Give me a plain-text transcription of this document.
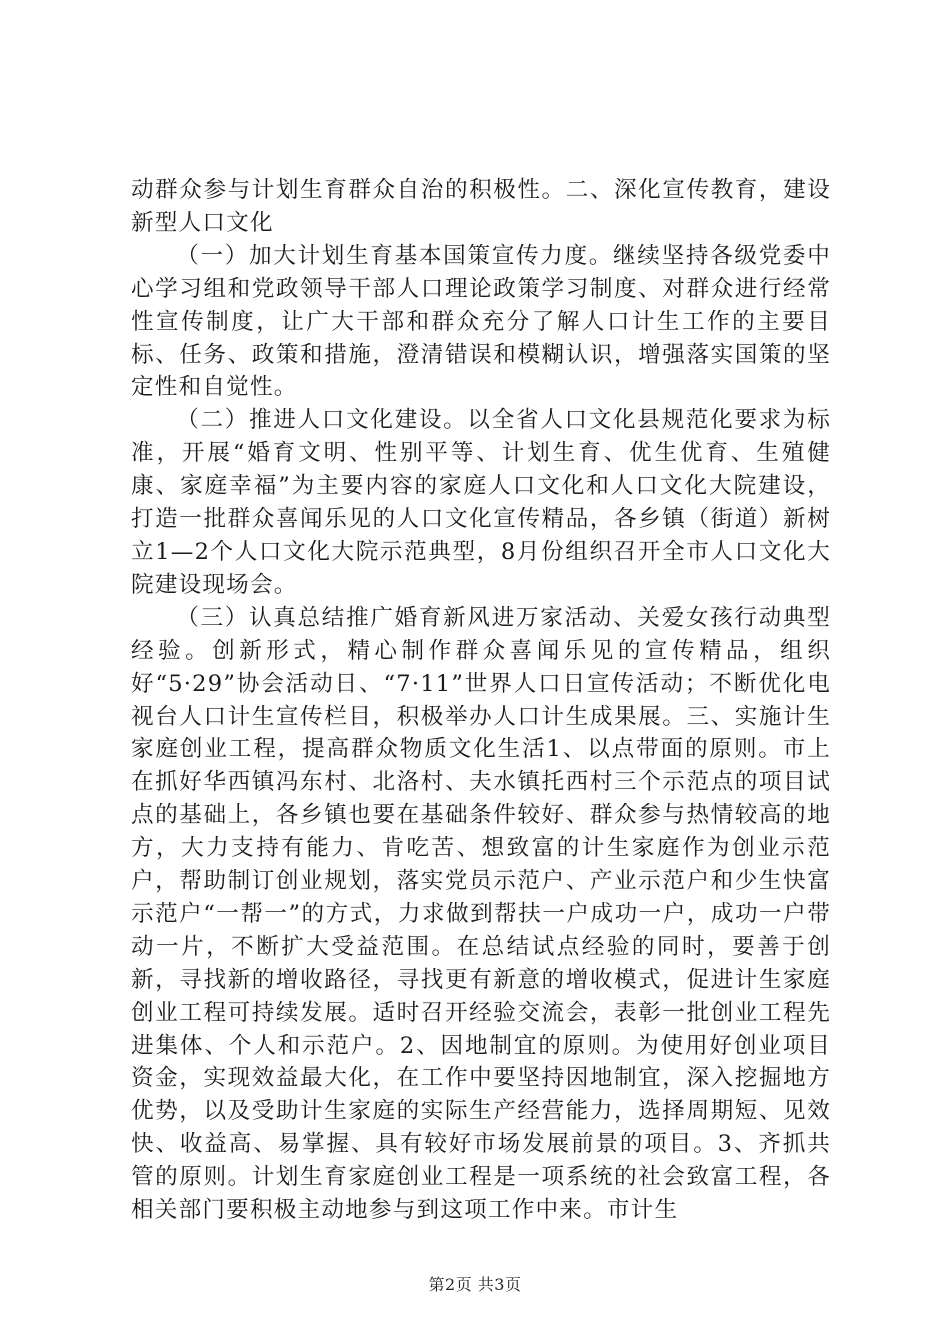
动群众参与计划生育群众自治的积极性。二、深化宣传教育，建设新型人口文化

（一）加大计划生育基本国策宣传力度。继续坚持各级党委中心学习组和党政领导干部人口理论政策学习制度、对群众进行经常性宣传制度，让广大干部和群众充分了解人口计生工作的主要目标、任务、政策和措施，澄清错误和模糊认识，增强落实国策的坚定性和自觉性。

（二）推进人口文化建设。以全省人口文化县规范化要求为标准，开展“婚育文明、性别平等、计划生育、优生优育、生殖健康、家庭幸福”为主要内容的家庭人口文化和人口文化大院建设，打造一批群众喜闻乐见的人口文化宣传精品，各乡镇（街道）新树立1—2个人口文化大院示范典型，8月份组织召开全市人口文化大院建设现场会。

（三）认真总结推广婚育新风进万家活动、关爱女孩行动典型经验。创新形式，精心制作群众喜闻乐见的宣传精品，组织好“5·29”协会活动日、“7·11”世界人口日宣传活动；不断优化电视台人口计生宣传栏目，积极举办人口计生成果展。三、实施计生家庭创业工程，提高群众物质文化生活1、以点带面的原则。市上在抓好华西镇冯东村、北洛村、夫水镇托西村三个示范点的项目试点的基础上，各乡镇也要在基础条件较好、群众参与热情较高的地方，大力支持有能力、肯吃苦、想致富的计生家庭作为创业示范户，帮助制订创业规划，落实党员示范户、产业示范户和少生快富示范户“一帮一”的方式，力求做到帮扶一户成功一户，成功一户带动一片，不断扩大受益范围。在总结试点经验的同时，要善于创新，寻找新的增收路径，寻找更有新意的增收模式，促进计生家庭创业工程可持续发展。适时召开经验交流会，表彰一批创业工程先进集体、个人和示范户。2、因地制宜的原则。为使用好创业项目资金，实现效益最大化，在工作中要坚持因地制宜，深入挖掘地方优势，以及受助计生家庭的实际生产经营能力，选择周期短、见效快、收益高、易掌握、具有较好市场发展前景的项目。3、齐抓共管的原则。计划生育家庭创业工程是一项系统的社会致富工程，各相关部门要积极主动地参与到这项工作中来。市计生

第2页 共3页
